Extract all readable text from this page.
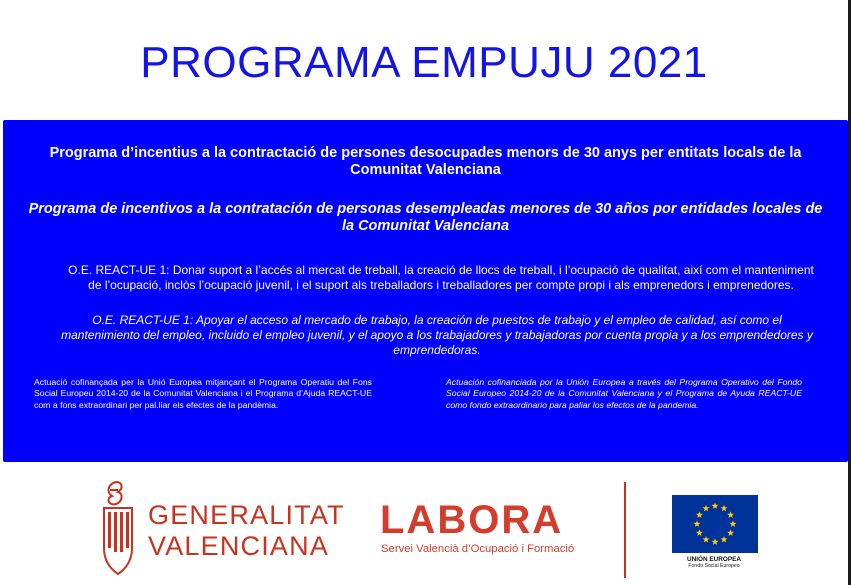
PROGRAMA EMPUJU 2021
Programa d’incentius a la contractació de persones desocupades menors de 30 anys per entitats locals de la Comunitat Valenciana
Programa de incentivos a la contratación de personas desempleadas menores de 30 años por entidades locales de la Comunitat Valenciana
O.E. REACT-UE 1: Donar suport a l’accés al mercat de treball, la creació de llocs de treball, i l’ocupació de qualitat, així com el manteniment de l’ocupació, inclòs l’ocupació juvenil, i el suport als treballadors i treballadores per compte propi i als emprenedors i emprenedores.
O.E. REACT-UE 1: Apoyar el acceso al mercado de trabajo, la creación de puestos de trabajo y el empleo de calidad, así como el mantenimiento del empleo, incluido el empleo juvenil, y el apoyo a los trabajadores y trabajadoras por cuenta propia y a los emprendedores y emprendedoras.
Actuació cofinançada per la Unió Europea mitjançant el Programa Operatiu del Fons Social Europeu 2014-20 de la Comunitat Valenciana i el Programa d’Ajuda REACT-UE com a fons extraordinari per pal.liar els efectes de la pandèmia.
Actuación cofinanciada por la Unión Europea a través del Programa Operativo del Fondo Social Europeo 2014-20 de la Comunitat Valenciana y el Programa de Ayuda REACT-UE como fondo extraordinario para paliar los efectos de la pandemia.
GENERALITAT
VALENCIANA
LABORA
Servei Valencià d’Ocupació i Formació
UNIÓN EUROPEA
Fondo Social Europeo
